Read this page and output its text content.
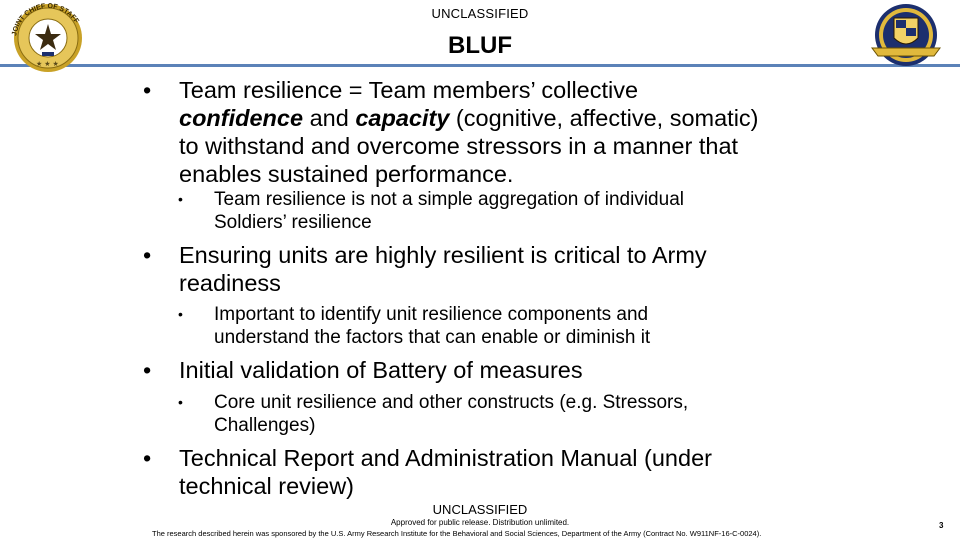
JOINT CHIEF OF STAFF
★ ★ ★
UNCLASSIFIED
BLUF
• Team resilience = Team members’ collective
confidence and capacity (cognitive, affective, somatic)
to withstand and overcome stressors in a manner that
enables sustained performance.
• Team resilience is not a simple aggregation of individual
Soldiers’ resilience
• Ensuring units are highly resilient is critical to Army
readiness
• Important to identify unit resilience components and
understand the factors that can enable or diminish it
• Initial validation of Battery of measures
• Core unit resilience and other constructs (e.g. Stressors,
Challenges)
• Technical Report and Administration Manual (under
technical review)
UNCLASSIFIED
Approved for public release. Distribution unlimited.
The research described herein was sponsored by the U.S. Army Research Institute for the Behavioral and Social Sciences, Department of the Army (Contract No. W911NF-16-C-0024).
3
